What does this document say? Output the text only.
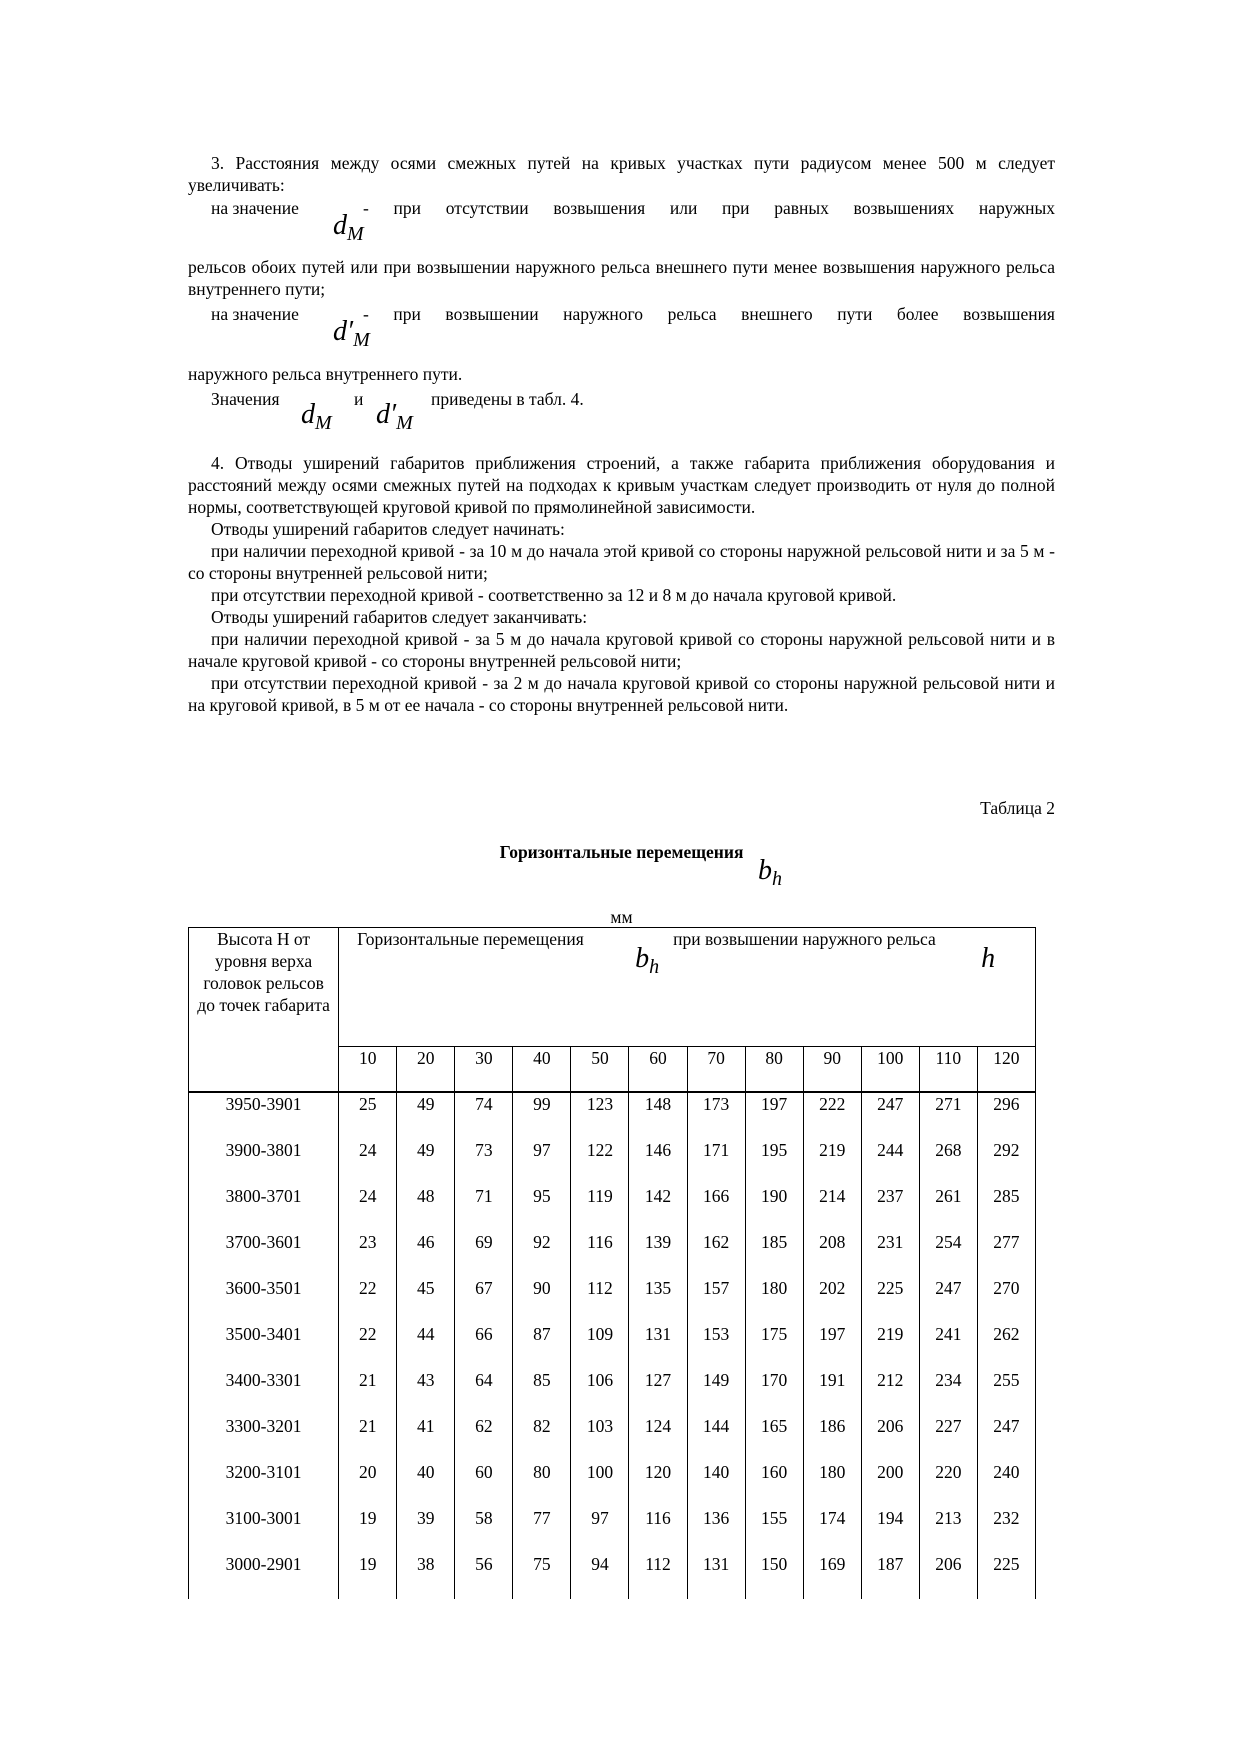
3. Расстояния между осями смежных путей на кривых участках пути радиусом менее 500 м следует увеличивать:

на значение	- при отсутствии возвышения или при равных возвышениях наружных
$d_M$

рельсов обоих путей или при возвышении наружного рельса внешнего пути менее возвышения наружного рельса внутреннего пути;

на значение	- при возвышении наружного рельса внешнего пути более возвышения
$d'_M$

наружного рельса внутреннего пути.

Значения	и	приведены в табл. 4.
$d_M$ $d'_M$

4. Отводы уширений габаритов приближения строений, а также габарита приближения оборудования и расстояний между осями смежных путей на подходах к кривым участкам следует производить от нуля до полной нормы, соответствующей круговой кривой по прямолинейной зависимости.

Отводы уширений габаритов следует начинать:

при наличии переходной кривой - за 10 м до начала этой кривой со стороны наружной рельсовой нити и за 5 м - со стороны внутренней рельсовой нити;

при отсутствии переходной кривой - соответственно за 12 и 8 м до начала круговой кривой.

Отводы уширений габаритов следует заканчивать:

при наличии переходной кривой - за 5 м до начала круговой кривой со стороны наружной рельсовой нити и в начале круговой кривой - со стороны внутренней рельсовой нити;

при отсутствии переходной кривой - за 2 м до начала круговой кривой со стороны наружной рельсовой нити и на круговой кривой, в 5 м от ее начала - со стороны внутренней рельсовой нити.

Таблица 2
Горизонтальные перемещения
$b_h$
мм
Высота Н от уровня верха головок рельсов до точек габарита	Горизонтальные перемещения при возвышении наружного рельса
$b_h$ h											

	10	20	30	40	50	60	70	80	90	100	110	120
3950-3901	25	49	74	99	123	148	173	197	222	247	271	296
3900-3801	24	49	73	97	122	146	171	195	219	244	268	292
3800-3701	24	48	71	95	119	142	166	190	214	237	261	285
3700-3601	23	46	69	92	116	139	162	185	208	231	254	277
3600-3501	22	45	67	90	112	135	157	180	202	225	247	270
3500-3401	22	44	66	87	109	131	153	175	197	219	241	262
3400-3301	21	43	64	85	106	127	149	170	191	212	234	255
3300-3201	21	41	62	82	103	124	144	165	186	206	227	247
3200-3101	20	40	60	80	100	120	140	160	180	200	220	240
3100-3001	19	39	58	77	97	116	136	155	174	194	213	232
3000-2901	19	38	56	75	94	112	131	150	169	187	206	225
